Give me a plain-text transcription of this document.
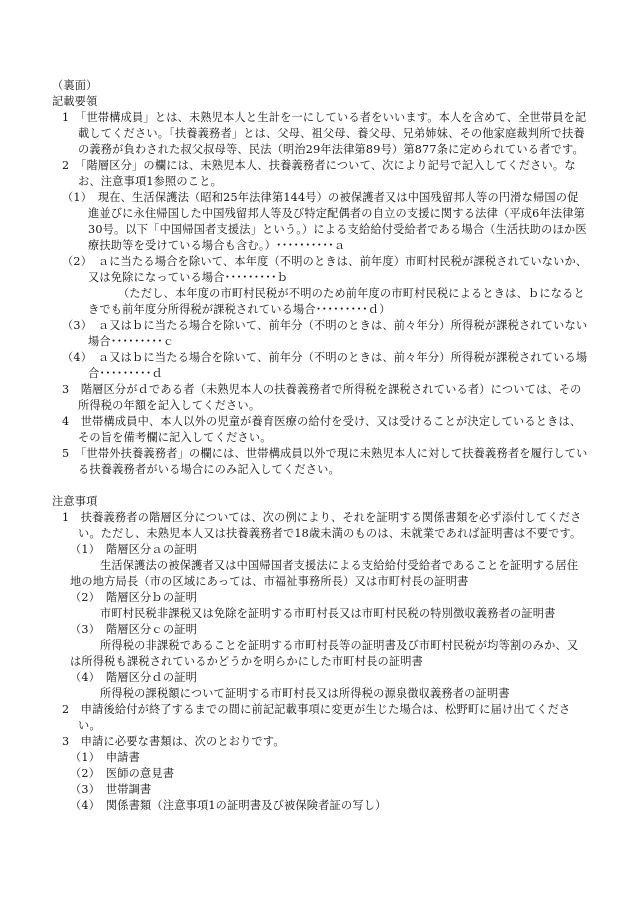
（裏面）

記載要領

1　「世帯構成員」とは、未熟児本人と生計を一にしている者をいいます。本人を含めて、全世帯員を記載してください。「扶養義務者」とは、父母、祖父母、養父母、兄弟姉妹、その他家庭裁判所で扶養の義務が負わされた叔父叔母等、民法（明治29年法律第89号）第877条に定められている者です。

2　「階層区分」の欄には、未熟児本人、扶養義務者について、次により記号で記入してください。なお、注意事項1参照のこと。

（1）　現在、生活保護法（昭和25年法律第144号）の被保護者又は中国残留邦人等の円滑な帰国の促進並びに永住帰国した中国残留邦人等及び特定配偶者の自立の支援に関する法律（平成6年法律第30号。以下「中国帰国者支援法」という。）による支給給付受給者である場合（生活扶助のほか医療扶助等を受けている場合も含む。）･･････････ａ

（2）　ａに当たる場合を除いて、本年度（不明のときは、前年度）市町村民税が課税されていないか、又は免除になっている場合･････････ｂ

（ただし、本年度の市町村民税が不明のため前年度の市町村民税によるときは、ｂになるときでも前年度分所得税が課税されている場合･････････ｄ）

（3）　ａ又はｂに当たる場合を除いて、前年分（不明のときは、前々年分）所得税が課税されていない場合･････････ｃ

（4）　ａ又はｂに当たる場合を除いて、前年分（不明のときは、前々年分）所得税が課税されている場合･････････ｄ

3　階層区分がｄである者（未熟児本人の扶養義務者で所得税を課税されている者）については、その所得税の年額を記入してください。

4　世帯構成員中、本人以外の児童が養育医療の給付を受け、又は受けることが決定しているときは、その旨を備考欄に記入してください。

5　「世帯外扶養義務者」の欄には、世帯構成員以外で現に未熟児本人に対して扶養義務者を履行している扶養義務者がいる場合にのみ記入してください。

注意事項

1　扶養義務者の階層区分については、次の例により、それを証明する関係書類を必ず添付してください。ただし、未熟児本人又は扶養義務者で18歳未満のものは、未就業であれば証明書は不要です。

（1）　階層区分ａの証明

生活保護法の被保護者又は中国帰国者支援法による支給給付受給者であることを証明する居住地の地方局長（市の区域にあっては、市福祉事務所長）又は市町村長の証明書

（2）　階層区分ｂの証明

市町村民税非課税又は免除を証明する市町村長又は市町村民税の特別徴収義務者の証明書

（3）　階層区分ｃの証明

所得税の非課税であることを証明する市町村長等の証明書及び市町村民税が均等割のみか、又は所得税も課税されているかどうかを明らかにした市町村長の証明書

（4）　階層区分ｄの証明

所得税の課税額について証明する市町村長又は所得税の源泉徴収義務者の証明書

2　申請後給付が終了するまでの間に前記記載事項に変更が生じた場合は、松野町に届け出てください。

3　申請に必要な書類は、次のとおりです。

（1）　申請書

（2）　医師の意見書

（3）　世帯調書

（4）　関係書類（注意事項1の証明書及び被保険者証の写し）
